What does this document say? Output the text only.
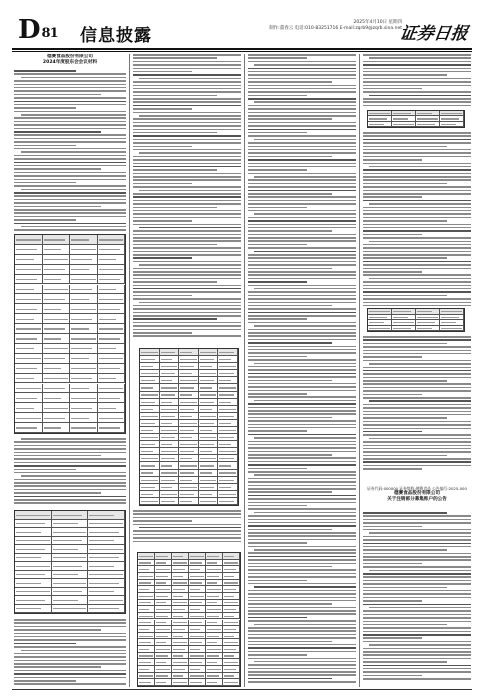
D 81 信息披露
2025年4月10日 星期四
制作:董春云 电话:010-83251716 E-mail:zqrb9@zqrb.sina.net
证券日报
德赛食品股份有限公司
2024年度股东会会议材料
证券代码:000000 证券简称:德赛食品 公告编号:2025-000
德赛食品股份有限公司
关于注销部分募集账户的公告
